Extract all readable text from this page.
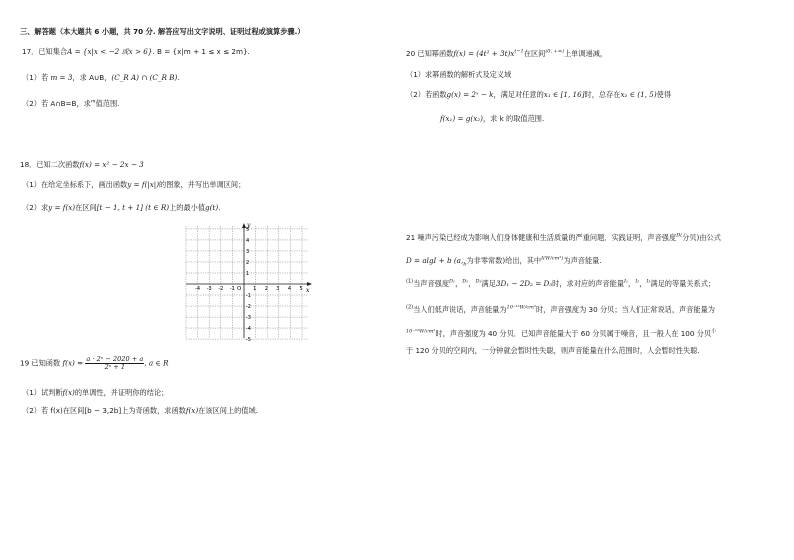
三、解答题（本大题共 6 小题，共 70 分. 解答应写出文字说明、证明过程或演算步骤.）
17．已知集合A = {x|x < −2 或x > 6}. B = {x|m + 1 ≤ x ≤ 2m}.
（1）若 m = 3，求 A∪B，(C_R A) ∩ (C_R B).
（2）若 A∩B=B，求$^m$值范围.
18．已知二次函数f(x) = x² − 2x − 3
（1）在给定坐标系下，画出函数y = f(|x|)的图象，并写出单调区间；
（2）求y = f(x)在区间[t − 1, t + 1] (t ∈ R)上的最小值g(t).
y
x
O
-4 -3 -2 -1	1 2 3 4 5
5
4
3
2
1
-1
-2
-3
-4
-5
19 已知函数 $f(x) = \frac{\text{a · 2ˣ − 2020 + a}}{\text{2ˣ + 1}}$ , a ∈ R
（1）试判断f(x)的单调性，并证明你的结论；
（2）若 f(x)在区间[b − 3,2b]上为奇函数，求函数f(x)在该区间上的值域.
20 已知幂函数$f(x) = (4t^2 + 3t)x^{t-1}$在区间$^{(0, +\infty)}$上单调递减，
（1）求幂函数的解析式及定义域
（2）若函数g(x) = 2ˣ − k，满足对任意的x₁ ∈ [1, 16]时，总存在x₂ ∈ (1, 5)使得
f(x₁) = g(x₂)，求 k 的取值范围.
21 噪声污染已经成为影响人们身体健康和生活质量的严重问题．实践证明，声音强度$^{D(}$分贝)由公式
D = algI + b ($a,_b$为非零常数)给出，其中$^{I(W/cm^2)}$为声音能量.
$^{(1)}$当声音强度$^{D_1}$，$^{D_2}$，$^{D_3}$满足3D₁ − 2D₂ = D₃时，求对应的声音能量$^{I_1}$，$^{I_2}$，$^{I_3}$满足的等量关系式；
$^{(2)}$当人们低声说话，声音能量为$^{10^{-13}W/cm^2}$时，声音强度为 30 分贝；当人们正常说话，声音能量为
$^{10^{-12}W/cm^2}$时，声音强度为 40 分贝．已知声音能量大于 60 分贝属于噪音，且一般人在 100 分贝$^小$
于 120 分贝的空间内，一分钟就会暂时性失聪，则声音能量在什么范围时，人会暂时性失聪.
